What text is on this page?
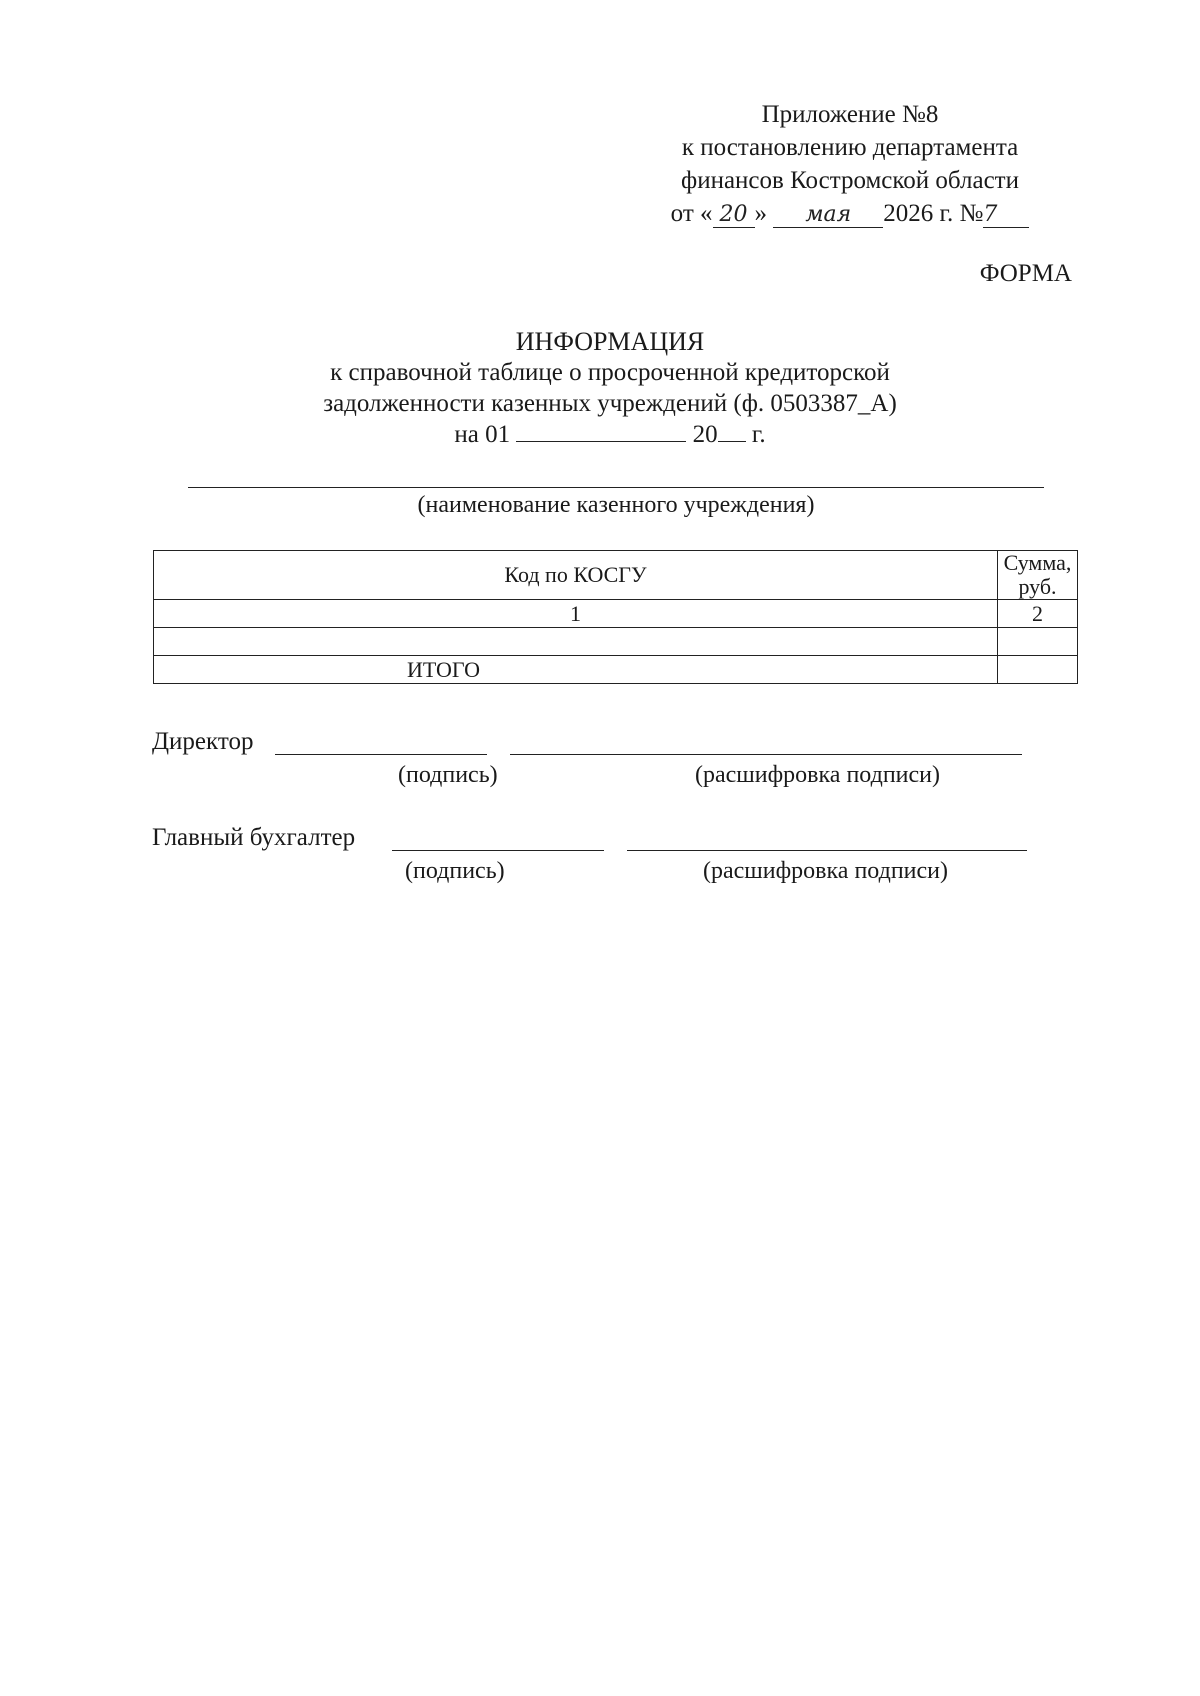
Приложение №8
к постановлению департамента
финансов Костромской области
от « 20 » мая 2026 г. №7
ФОРМА
ИНФОРМАЦИЯ
к справочной таблице о просроченной кредиторской
задолженности казенных учреждений (ф. 0503387_А)
на 01	20 г.
(наименование казенного учреждения)
Код по КОСГУ	Сумма, руб.
1	2

ИТОГО	
Директор
(подпись)	(расшифровка подписи)
Главный бухгалтер
(подпись)	(расшифровка подписи)
